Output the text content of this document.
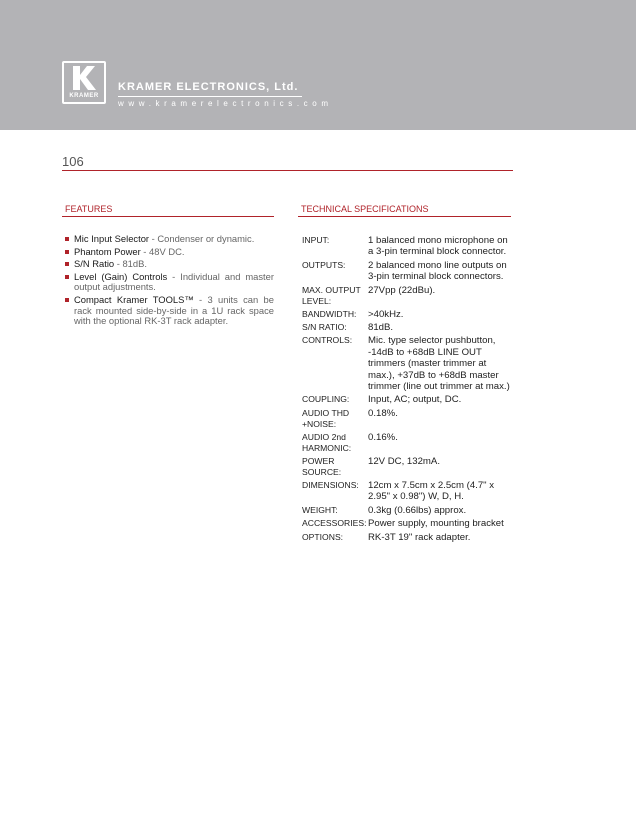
KRAMER
KRAMER ELECTRONICS, Ltd.
www.kramerelectronics.com
106
FEATURES	TECHNICAL SPECIFICATIONS
Mic Input Selector - Condenser or dynamic.
Phantom Power - 48V DC.
S/N Ratio - 81dB.
Level (Gain) Controls - Individual and master output adjustments.
Compact Kramer TOOLS™ - 3 units can be rack mounted side-by-side in a 1U rack space with the optional RK-3T rack adapter.
INPUT:	1 balanced mono microphone on a 3-pin terminal block connector.
OUTPUTS:	2 balanced mono line outputs on 3-pin terminal block connectors.
MAX. OUTPUT LEVEL:	27Vpp (22dBu).
BANDWIDTH:	>40kHz.
S/N RATIO:	81dB.
CONTROLS:	Mic. type selector pushbutton, -14dB to +68dB LINE OUT trimmers (master trimmer at max.), +37dB to +68dB master trimmer (line out trimmer at max.)
COUPLING:	Input, AC; output, DC.
AUDIO THD +NOISE:	0.18%.
AUDIO 2nd HARMONIC:	0.16%.
POWER SOURCE:	12V DC, 132mA.
DIMENSIONS:	12cm x 7.5cm x 2.5cm (4.7" x 2.95" x 0.98") W, D, H.
WEIGHT:	0.3kg (0.66lbs) approx.
ACCESSORIES:	Power supply, mounting bracket
OPTIONS:	RK-3T 19" rack adapter.
